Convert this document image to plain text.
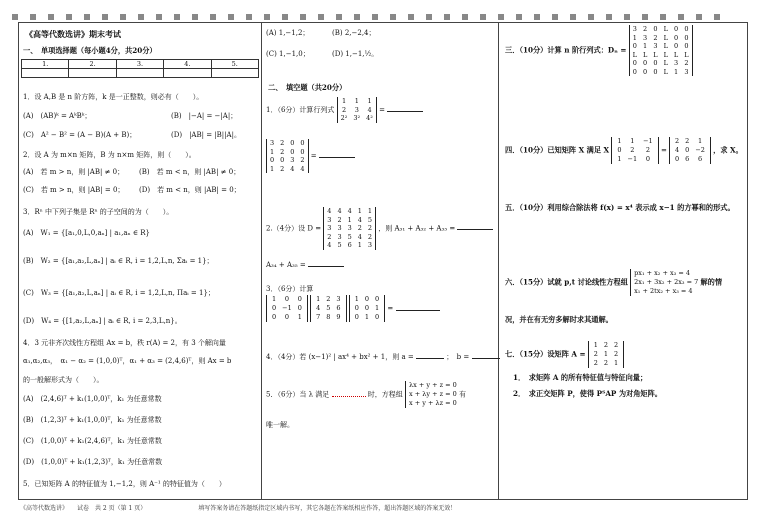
《高等代数选讲》期末考试
一、　单项选择题（每小题4分，共20分）
1.	2.	3.	4.	5.

1．设 A,B 是 n 阶方阵，k 是一正整数，则必有（　　）。
(A)　(AB)ᵏ = AᵏBᵏ；	(B)　|−A| = −|A|；
(C)　A² − B² = (A − B)(A + B)；	(D)　|AB| = |B||A|。
2．设 A 为 m×n 矩阵，B 为 n×m 矩阵，则（　　）。
(A)　若 m > n，则 |AB| ≠ 0； (B)　若 m < n，则 |AB| ≠ 0；
(C)　若 m > n，则 |AB| = 0； (D)　若 m < n，则 |AB| = 0；
3．Rⁿ 中下列子集是 Rⁿ 的子空间的为（　　）。
(A)　W₁ = {[a₁,0,L,0,aₙ] | a₁,aₙ ∈ R}
(B)　W₂ = {[a₁,a₂,L,aₙ] | aᵢ ∈ R, i = 1,2,L,n, Σaᵢ = 1}；
(C)　W₃ = {[a₁,a₂,L,aₙ] | aᵢ ∈ R, i = 1,2,L,n, Πaᵢ = 1}；
(D)　W₄ = {[1,a₂,L,aₙ] | aᵢ ∈ R, i = 2,3,L,n}。
4．3 元非齐次线性方程组 Ax = b，秩 r(A) = 2，有 3 个解向量
α₁,α₂,α₃，　α₁ − α₂ = (1,0,0)ᵀ，α₁ + α₃ = (2,4,6)ᵀ，则 Ax = b
的一般解形式为（　　）。
(A)　(2,4,6)ᵀ + k₁(1,0,0)ᵀ，k₁ 为任意常数
(B)　(1,2,3)ᵀ + k₁(1,0,0)ᵀ，k₁ 为任意常数
(C)　(1,0,0)ᵀ + k₁(2,4,6)ᵀ，k₁ 为任意常数
(D)　(1,0,0)ᵀ + k₁(1,2,3)ᵀ，k₁ 为任意常数
5．已知矩阵 A 的特征值为 1,−1,2，则 A⁻¹ 的特征值为（　　）
(A) 1,−1,2；	(B) 2,−2,4；
(C) 1,−1,0；	(D) 1,−1,½。
二、　填空题（共20分）
1．（6分）计算行列式
1	1	1
2	3	4
2²	3²	4²
=
3	2	0	0
1	2	0	0
0	0	3	2
1	2	4	4
=
2.（4分）设 D =
4	4	4	1	1
3	2	1	4	5
3	3	3	2	2
2	3	5	4	2
4	5	6	1	3
，则 A₃₁ + A₃₂ + A₃₃ =
A₃₄ + A₃₅ =
3．（6分）计算
1	0	0
0	−1	0
0	0	1

1	2	3
4	5	6
7	8	9

1	0	0
0	0	1
0	1	0
=
4．（4分）若 (x−1)² | ax⁴ + bx² + 1，则 a =	；　b =
5．（6分）当 λ 满足	时，方程组
λx + y + z = 0
x + λy + z = 0
x + y + λz = 0
有
唯一解。
三．（10分）计算 n 阶行列式：Dₙ =
3	2	0	L	0	0
1	3	2	L	0	0
0	1	3	L	0	0
L	L	L	L	L	L
0	0	0	L	3	2
0	0	0	L	1	3
四．（10分）已知矩阵 X 满足 X
1	1	−1
0	2	2
1	−1	0
=
2	2	1
4	0	−2
0	6	6
，求 X。
五．（10分）利用综合除法将 f(x) = x⁴ 表示成 x−1 的方幂和的形式。
六．（15分）试就 p,t 讨论线性方程组
px₁ + x₂ + x₃ = 4
2x₁ + 3x₂ + 2x₃ = 7
x₁ + 2tx₂ + x₃ = 4
解的情
况，并在有无穷多解时求其通解。
七．（15分）设矩阵 A =
1	2	2
2	1	2
2	2	1
1．　求矩阵 A 的所有特征值与特征向量；
2．　求正交矩阵 P，使得 PᵀAP 为对角矩阵。
《高等代数选讲》　　试卷　共 2 页（第 1 页）	填写答案务请在答题纸指定区域内书写，其它各题在答案纸相应作答，超出答题区域的答案无效！
